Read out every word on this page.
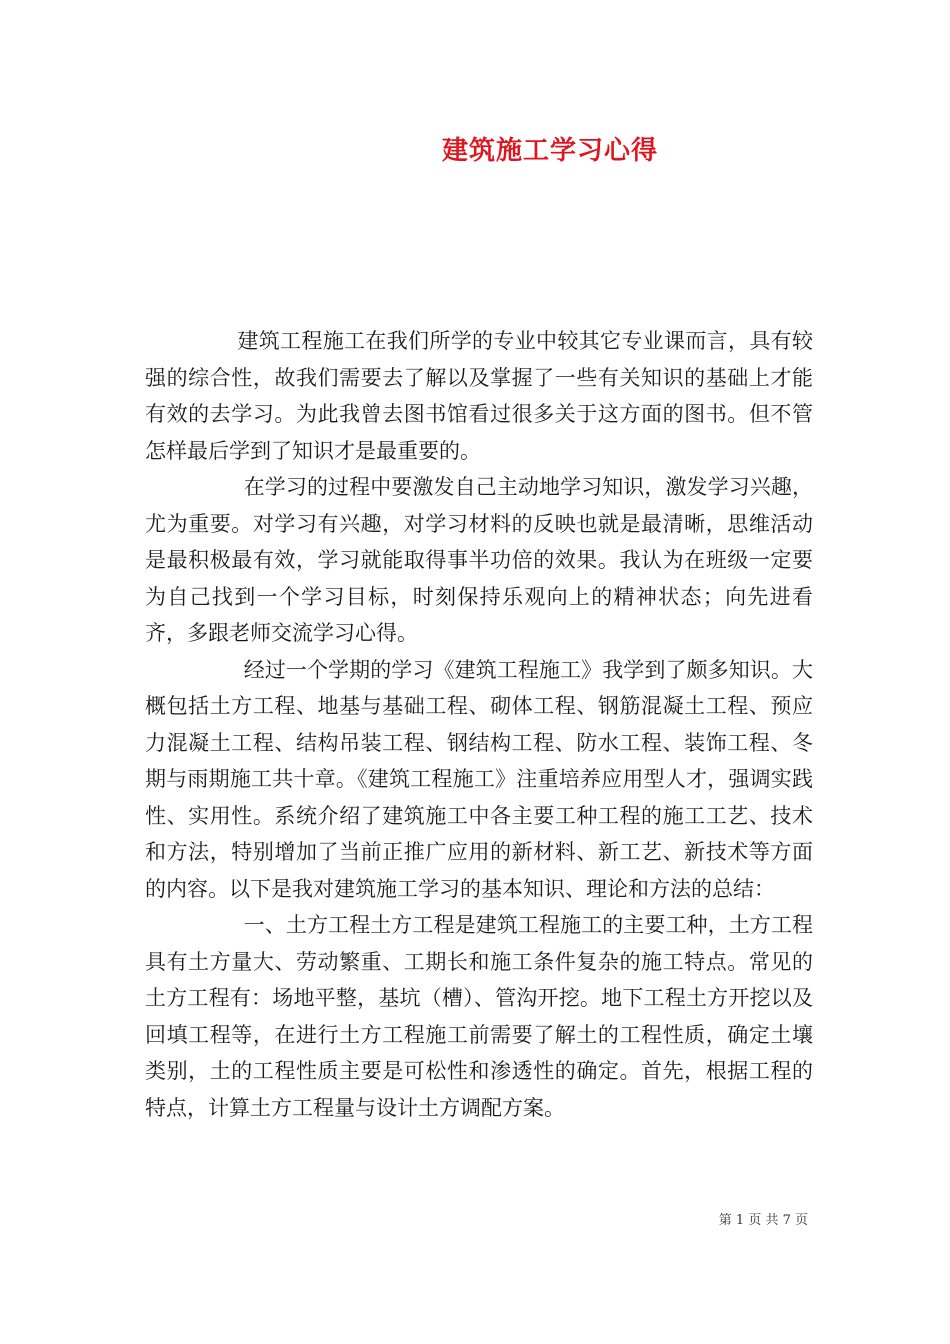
建筑施工学习心得

建筑工程施工在我们所学的专业中较其它专业课而言，具有较强的综合性，故我们需要去了解以及掌握了一些有关知识的基础上才能有效的去学习。为此我曾去图书馆看过很多关于这方面的图书。但不管怎样最后学到了知识才是最重要的。

在学习的过程中要激发自己主动地学习知识，激发学习兴趣，尤为重要。对学习有兴趣，对学习材料的反映也就是最清晰，思维活动是最积极最有效，学习就能取得事半功倍的效果。我认为在班级一定要为自己找到一个学习目标，时刻保持乐观向上的精神状态；向先进看齐，多跟老师交流学习心得。

经过一个学期的学习《建筑工程施工》我学到了颇多知识。大概包括土方工程、地基与基础工程、砌体工程、钢筋混凝土工程、预应力混凝土工程、结构吊装工程、钢结构工程、防水工程、装饰工程、冬期与雨期施工共十章。《建筑工程施工》注重培养应用型人才，强调实践性、实用性。系统介绍了建筑施工中各主要工种工程的施工工艺、技术和方法，特别增加了当前正推广应用的新材料、新工艺、新技术等方面的内容。以下是我对建筑施工学习的基本知识、理论和方法的总结：

一、土方工程土方工程是建筑工程施工的主要工种，土方工程具有土方量大、劳动繁重、工期长和施工条件复杂的施工特点。常见的土方工程有：场地平整，基坑（槽）、管沟开挖。地下工程土方开挖以及回填工程等，在进行土方工程施工前需要了解土的工程性质，确定土壤类别，土的工程性质主要是可松性和渗透性的确定。首先，根据工程的特点，计算土方工程量与设计土方调配方案。

第 1 页 共 7 页
